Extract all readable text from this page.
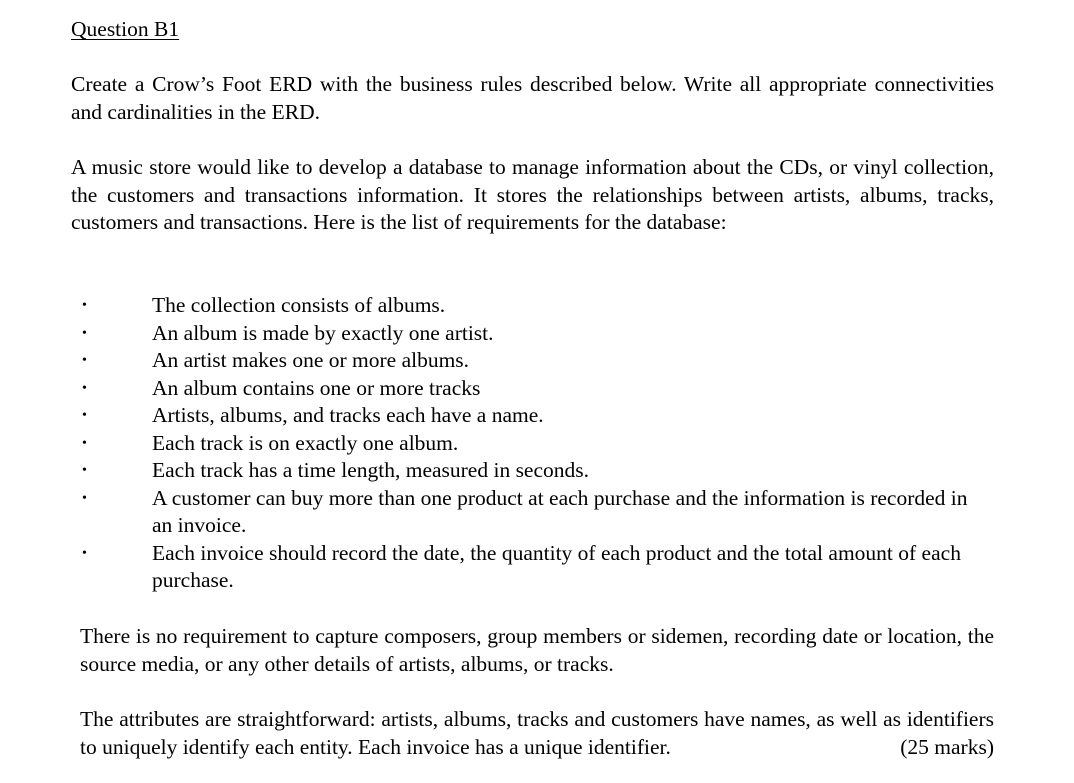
Question B1

Create a Crow’s Foot ERD with the business rules described below. Write all appropriate connectivities and cardinalities in the ERD.

A music store would like to develop a database to manage information about the CDs, or vinyl collection, the customers and transactions information. It stores the relationships between artists, albums, tracks, customers and transactions. Here is the list of requirements for the database:

•	The collection consists of albums.
•	An album is made by exactly one artist.
•	An artist makes one or more albums.
•	An album contains one or more tracks
•	Artists, albums, and tracks each have a name.
•	Each track is on exactly one album.
•	Each track has a time length, measured in seconds.
•	A customer can buy more than one product at each purchase and the information is recorded in an invoice.
•	Each invoice should record the date, the quantity of each product and the total amount of each purchase.

There is no requirement to capture composers, group members or sidemen, recording date or location, the source media, or any other details of artists, albums, or tracks.

The attributes are straightforward: artists, albums, tracks and customers have names, as well as identifiers to uniquely identify each entity. Each invoice has a unique identifier.	(25 marks)
